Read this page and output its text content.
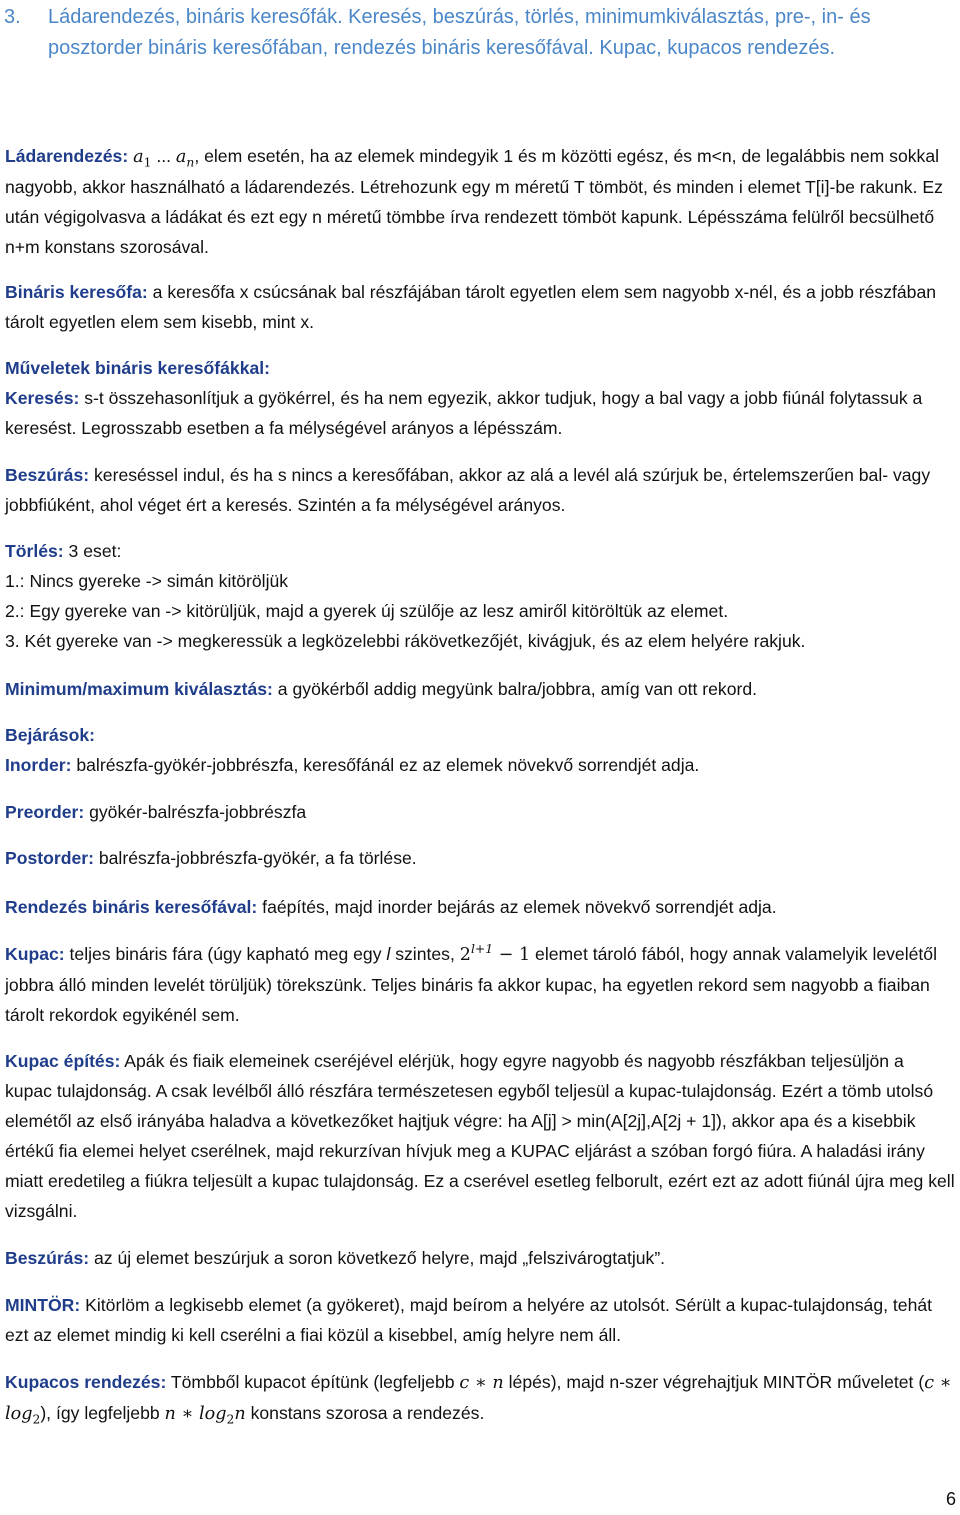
3.	Ládarendezés, bináris keresőfák. Keresés, beszúrás, törlés, minimumkiválasztás, pre-, in- és posztorder bináris keresőfában, rendezés bináris keresőfával. Kupac, kupacos rendezés.

Ládarendezés: $a_1$ ... $a_n$, elem esetén, ha az elemek mindegyik 1 és m közötti egész, és m<n, de legalábbis nem sokkal nagyobb, akkor használható a ládarendezés. Létrehozunk egy m méretű T tömböt, és minden i elemet T[i]-be rakunk. Ez után végigolvasva a ládákat és ezt egy n méretű tömbbe írva rendezett tömböt kapunk. Lépésszáma felülről becsülhető n+m konstans szorosával.

Bináris keresőfa: a keresőfa x csúcsának bal részfájában tárolt egyetlen elem sem nagyobb x-nél, és a jobb részfában tárolt egyetlen elem sem kisebb, mint x.

Műveletek bináris keresőfákkal:
Keresés: s-t összehasonlítjuk a gyökérrel, és ha nem egyezik, akkor tudjuk, hogy a bal vagy a jobb fiúnál folytassuk a keresést. Legrosszabb esetben a fa mélységével arányos a lépésszám.

Beszúrás: kereséssel indul, és ha s nincs a keresőfában, akkor az alá a levél alá szúrjuk be, értelemszerűen bal- vagy jobbfiúként, ahol véget ért a keresés. Szintén a fa mélységével arányos.

Törlés: 3 eset:
1.: Nincs gyereke -> simán kitöröljük
2.: Egy gyereke van -> kitörüljük, majd a gyerek új szülője az lesz amiről kitöröltük az elemet.
3. Két gyereke van -> megkeressük a legközelebbi rákövetkezőjét, kivágjuk, és az elem helyére rakjuk.

Minimum/maximum kiválasztás: a gyökérből addig megyünk balra/jobbra, amíg van ott rekord.

Bejárások:
Inorder: balrészfa-gyökér-jobbrészfa, keresőfánál ez az elemek növekvő sorrendjét adja.

Preorder: gyökér-balrészfa-jobbrészfa

Postorder: balrészfa-jobbrészfa-gyökér, a fa törlése.

Rendezés bináris keresőfával: faépítés, majd inorder bejárás az elemek növekvő sorrendjét adja.

Kupac: teljes bináris fára (úgy kapható meg egy l szintes, $2^{l+1} - 1$ elemet tároló fából, hogy annak valamelyik levelétől jobbra álló minden levelét törüljük) törekszünk. Teljes bináris fa akkor kupac, ha egyetlen rekord sem nagyobb a fiaiban tárolt rekordok egyikénél sem.

Kupac építés: Apák és fiaik elemeinek cseréjével elérjük, hogy egyre nagyobb és nagyobb részfákban teljesüljön a kupac tulajdonság. A csak levélből álló részfára természetesen egyből teljesül a kupac-tulajdonság. Ezért a tömb utolsó elemétől az első irányába haladva a következőket hajtjuk végre: ha A[j] > min(A[2j],A[2j + 1]), akkor apa és a kisebbik értékű fia elemei helyet cserélnek, majd rekurzívan hívjuk meg a KUPAC eljárást a szóban forgó fiúra. A haladási irány miatt eredetileg a fiúkra teljesült a kupac tulajdonság. Ez a cserével esetleg felborult, ezért ezt az adott fiúnál újra meg kell vizsgálni.

Beszúrás: az új elemet beszúrjuk a soron következő helyre, majd „felszivárogtatjuk”.

MINTÖR: Kitörlöm a legkisebb elemet (a gyökeret), majd beírom a helyére az utolsót. Sérült a kupac-tulajdonság, tehát ezt az elemet mindig ki kell cserélni a fiai közül a kisebbel, amíg helyre nem áll.

Kupacos rendezés: Tömbből kupacot építünk (legfeljebb c ∗ n lépés), majd n-szer végrehajtjuk MINTÖR műveletet (c ∗ $\log_2$), így legfeljebb n ∗ $\log_2n$ konstans szorosa a rendezés.

6
